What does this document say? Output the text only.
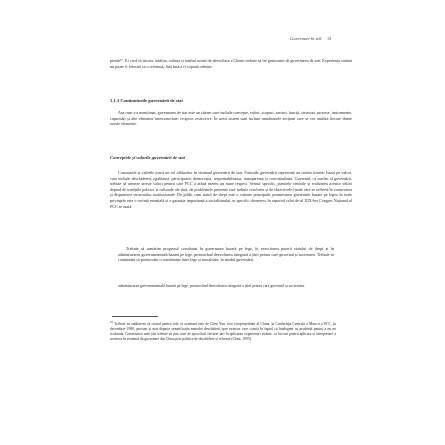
Guvernare în stil 31
pierde¹⁰. Ei cred că istoria, tradiția, cultura și stadiul actual de dezvoltare a Chinei trebuie să fie gestionate de guvernarea de stat. Experiența străină nu poate fi folosită ca o referință, fără însă a fi copiată orbește.
1.1.3 Continuturile guvernării de stat
Așa cum s-a menționat, guvernarea de stat este un sistem care include concepte, valori, scopuri, sarcini, funcții, structuri, procese, instrumente, capacități și alte elemente interconectate, reciproc restrictive. În acest sistem sunt incluse următoarele secțiuni care se vor analiza fiecare dintre aceste elemente.
Conceptele și valorile guvernării de stat
Conceptele și valorile joacă un rol călăuzitor în sistemul guvernării de stat. Funcțiile guvernării reprezintă un sistem teoretic bazat pe valori, care include deschiderea, egalitatea, participarea, democrația, responsabilitatea, transparența și corectitudinea. Guvernul, ca nucleu al guvernării, trebuie să urmeze aceste valori pentru care PCC a arătat mereu un mare respect. Sensul specific, punctele centrale și realizarea acestor valori depind de tradițiile politice și culturale ale țării, de problemele prezente care trebuie rezolvate și de obiectivele finale care se reflectă în construirea și dispunerea structurilor instituționale. De pildă, cum statul de drept este o valoare principală, promovarea guvernării bazate pe legea în toate privințele este o cerință esențială și o garanție importantă a socialismului cu specific chinezesc în raportul celui de-al XIX-lea Congres Național al PCC se arată:
Trebuie să urmărim progresul coordonat în guvernarea bazată pe lege, în exercitarea puterii statului de drept și în administrarea guvernamentală bazată pe lege, promovând dezvoltarea integrată a țării pentru care guvernul și societatea. Trebuie să continuăm să promovăm o combinație între lege și moralitate, în modul guvernării.
administrarea guvernamentală bazată pe lege, promovând dezvoltarea integrată a țării pentru care guvernul și societatea.
$^{10}$ Trebuie să subliniem că citatul pentru cele ce urmează este de Chen Yun, fost vicepreședinte al China, la Conferința Centrală a Muncii a PCC, în decembrie 1980, precum și mai departe semnificația metodei deschiderii spre exterior care constă în faptul că înțelegem cu prudență pentru a nu ne scufunda. Guvernarea unei țări trebuie să țină cont de specificul fiecărei țări în aplicarea experienței străine, ca lucruri pentru aplicare și interpretare a acestora în sistemul de guvernare din China prin politica de deschidere și reformă (Chen, 1995).
